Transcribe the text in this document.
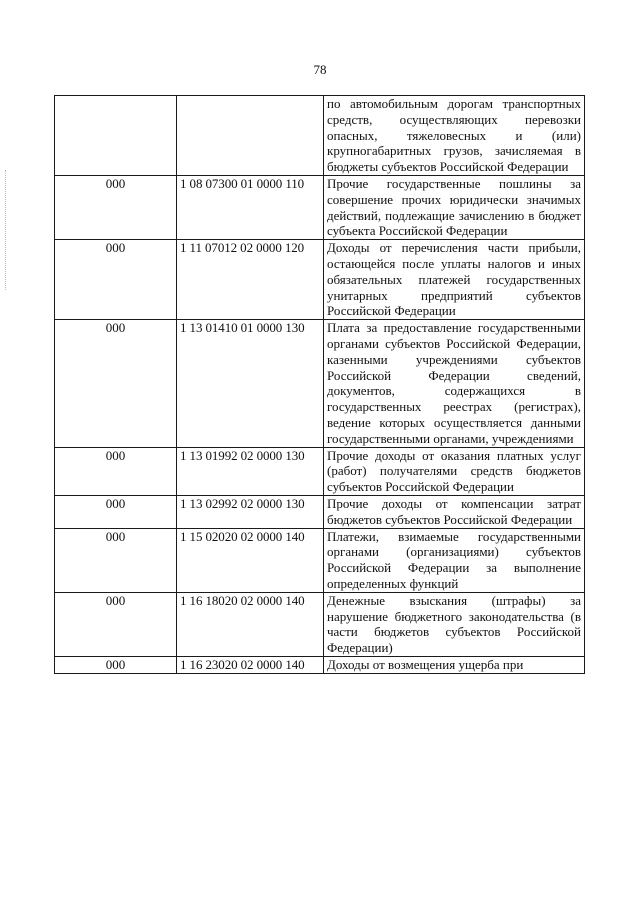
78
		по автомобильным дорогам транспортных средств, осуществляющих перевозки опасных, тяжеловесных и (или) крупногабаритных грузов, зачисляемая в бюджеты субъектов Российской Федерации
000	1 08 07300 01 0000 110	Прочие государственные пошлины за совершение прочих юридически значимых действий, подлежащие зачислению в бюджет субъекта Российской Федерации
000	1 11 07012 02 0000 120	Доходы от перечисления части прибыли, остающейся после уплаты налогов и иных обязательных платежей государственных унитарных предприятий субъектов Российской Федерации
000	1 13 01410 01 0000 130	Плата за предоставление государственными органами субъектов Российской Федерации, казенными учреждениями субъектов Российской Федерации сведений, документов, содержащихся в государственных реестрах (регистрах), ведение которых осуществляется данными государственными органами, учреждениями
000	1 13 01992 02 0000 130	Прочие доходы от оказания платных услуг (работ) получателями средств бюджетов субъектов Российской Федерации
000	1 13 02992 02 0000 130	Прочие доходы от компенсации затрат бюджетов субъектов Российской Федерации
000	1 15 02020 02 0000 140	Платежи, взимаемые государственными органами (организациями) субъектов Российской Федерации за выполнение определенных функций
000	1 16 18020 02 0000 140	Денежные взыскания (штрафы) за нарушение бюджетного законодательства (в части бюджетов субъектов Российской Федерации)
000	1 16 23020 02 0000 140	Доходы от возмещения ущерба при
